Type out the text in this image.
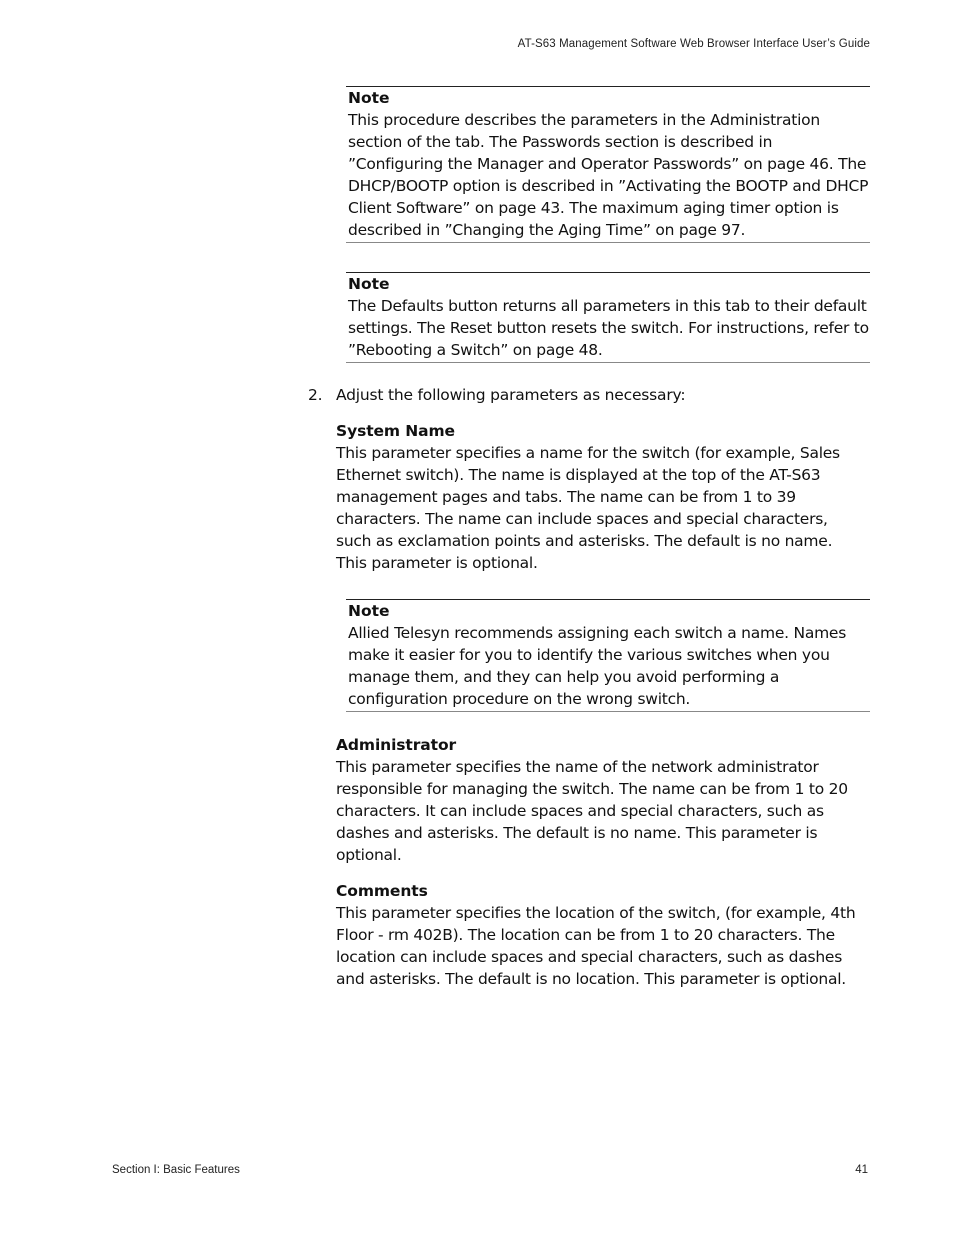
AT-S63 Management Software Web Browser Interface User’s Guide
Note
This procedure describes the parameters in the Administration section of the tab. The Passwords section is described in ”Configuring the Manager and Operator Passwords” on page 46. The DHCP/BOOTP option is described in ”Activating the BOOTP and DHCP Client Software” on page 43. The maximum aging timer option is described in ”Changing the Aging Time” on page 97.
Note
The Defaults button returns all parameters in this tab to their default settings. The Reset button resets the switch. For instructions, refer to ”Rebooting a Switch” on page 48.
2. Adjust the following parameters as necessary:
System Name
This parameter specifies a name for the switch (for example, Sales Ethernet switch). The name is displayed at the top of the AT-S63 management pages and tabs. The name can be from 1 to 39 characters. The name can include spaces and special characters, such as exclamation points and asterisks. The default is no name. This parameter is optional.
Note
Allied Telesyn recommends assigning each switch a name. Names make it easier for you to identify the various switches when you manage them, and they can help you avoid performing a configuration procedure on the wrong switch.
Administrator
This parameter specifies the name of the network administrator responsible for managing the switch. The name can be from 1 to 20 characters. It can include spaces and special characters, such as dashes and asterisks. The default is no name. This parameter is optional.
Comments
This parameter specifies the location of the switch, (for example, 4th Floor - rm 402B). The location can be from 1 to 20 characters. The location can include spaces and special characters, such as dashes and asterisks. The default is no location. This parameter is optional.
Section I: Basic Features	41
